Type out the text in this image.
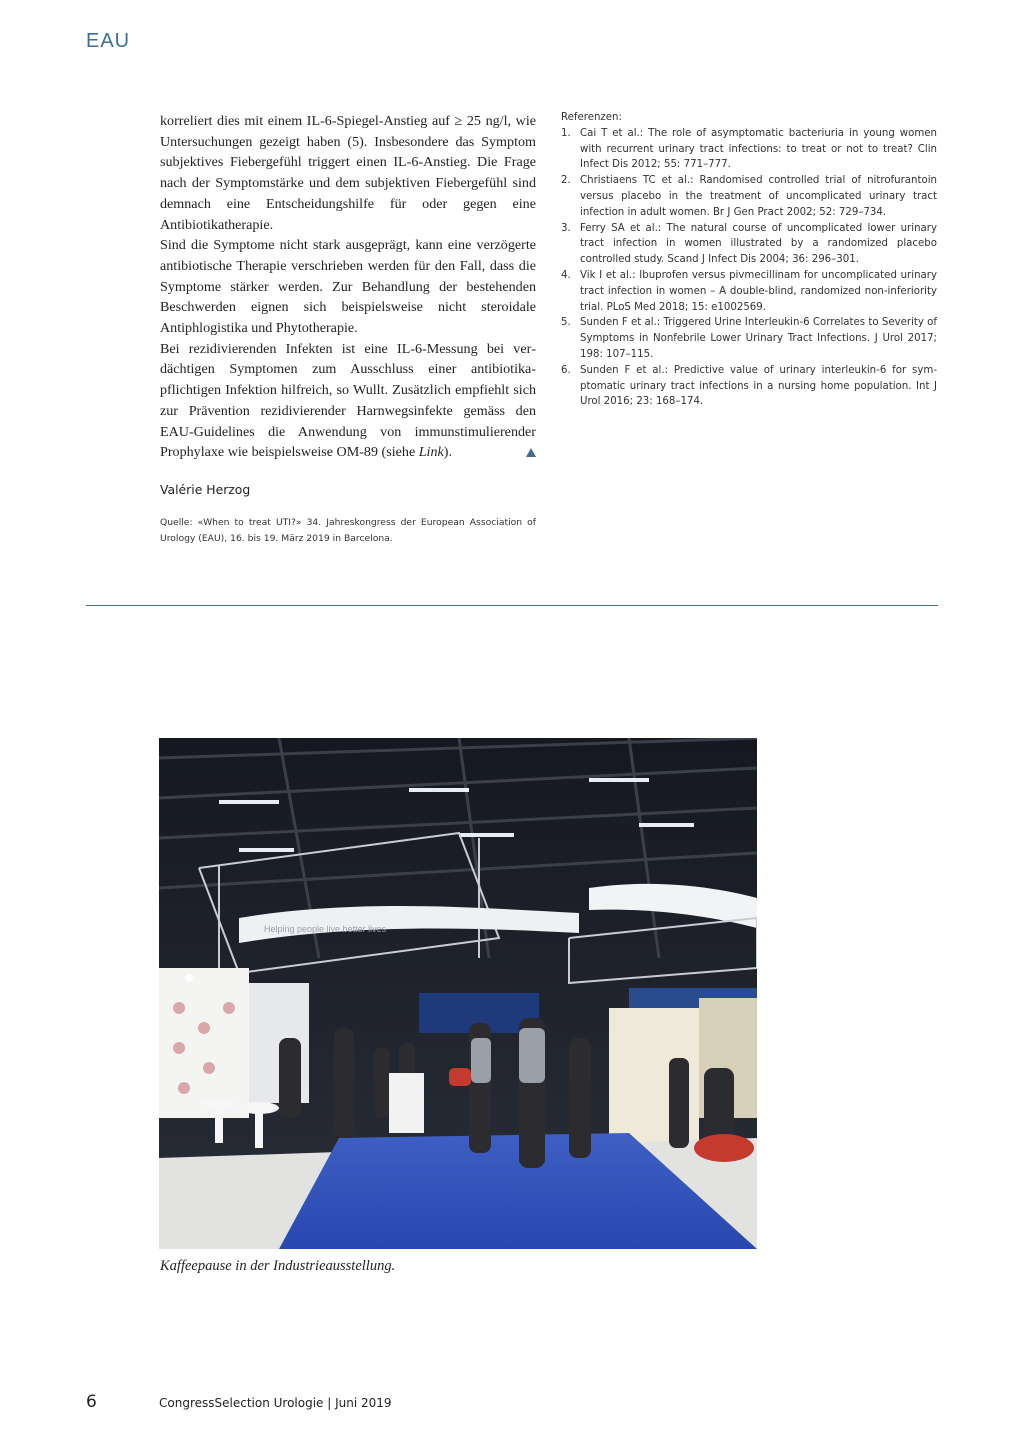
EAU

korreliert dies mit einem IL-6-Spiegel-Anstieg auf ≥ 25 ng/l, wie Untersuchungen gezeigt haben (5). Insbesondere das Symptom subjektives Fiebergefühl triggert einen IL-6-Anstieg. Die Frage nach der Symptomstärke und dem subjektiven Fiebergefühl sind demnach eine Entscheidungshilfe für oder gegen eine Antibiotikatherapie.

Sind die Symptome nicht stark ausgeprägt, kann eine verzögerte antibiotische Therapie verschrieben werden für den Fall, dass die Symptome stärker werden. Zur Behandlung der bestehenden Beschwerden eignen sich beispielsweise nicht steroidale Antiphlogistika und Phytotherapie.

Bei rezidivierenden Infekten ist eine IL-6-Messung bei verdächtigen Symptomen zum Ausschluss einer antibiotikapflichtigen Infektion hilfreich, so Wullt. Zusätzlich empfiehlt sich zur Prävention rezidivierender Harnwegsinfekte gemäss den EAU-Guidelines die Anwendung von immunstimulierender Prophylaxe wie beispielsweise OM-89 (siehe Link).

Valérie Herzog
Quelle: «When to treat UTI?» 34. Jahreskongress der European Association of Urology (EAU), 16. bis 19. März 2019 in Barcelona.

Referenzen:

1. Cai T et al.: The role of asymptomatic bacteriuria in young women with recurrent urinary tract infections: to treat or not to treat? Clin Infect Dis 2012; 55: 771–777.
2. Christiaens TC et al.: Randomised controlled trial of nitrofurantoin versus placebo in the treatment of uncomplicated urinary tract infection in adult women. Br J Gen Pract 2002; 52: 729–734.
3. Ferry SA et al.: The natural course of uncomplicated lower urinary tract infection in women illustrated by a randomized placebo controlled study. Scand J Infect Dis 2004; 36: 296–301.
4. Vik I et al.: Ibuprofen versus pivmecillinam for uncomplicated urinary tract infection in women – A double-blind, randomized non-inferiority trial. PLoS Med 2018; 15: e1002569.
5. Sunden F et al.: Triggered Urine Interleukin-6 Correlates to Severity of Symptoms in Nonfebrile Lower Urinary Tract Infections. J Urol 2017; 198: 107–115.
6. Sunden F et al.: Predictive value of urinary interleukin-6 for symptomatic urinary tract infections in a nursing home population. Int J Urol 2016; 23: 168–174.
Helping people live better lives
Kaffeepause in der Industrieausstellung.
6	CongressSelection Urologie | Juni 2019
